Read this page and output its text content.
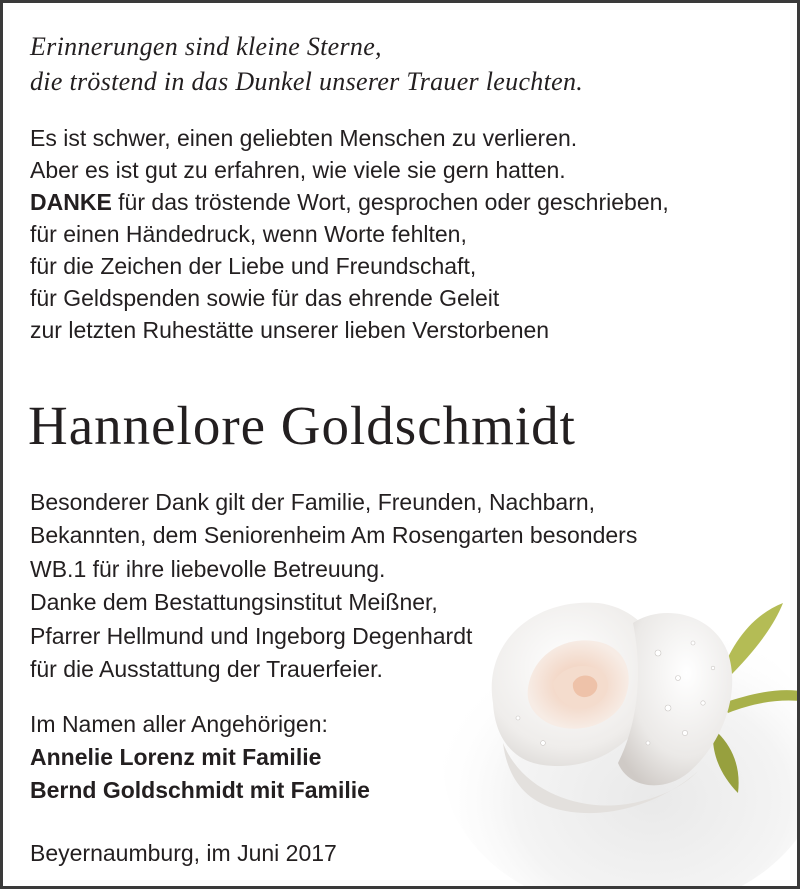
Erinnerungen sind kleine Sterne,
die tröstend in das Dunkel unserer Trauer leuchten.
Es ist schwer, einen geliebten Menschen zu verlieren.
Aber es ist gut zu erfahren, wie viele sie gern hatten.
DANKE für das tröstende Wort, gesprochen oder geschrieben,
für einen Händedruck, wenn Worte fehlten,
für die Zeichen der Liebe und Freundschaft,
für Geldspenden sowie für das ehrende Geleit
zur letzten Ruhestätte unserer lieben Verstorbenen
Hannelore Goldschmidt
Besonderer Dank gilt der Familie, Freunden, Nachbarn,
Bekannten, dem Seniorenheim Am Rosengarten besonders
WB.1 für ihre liebevolle Betreuung.
Danke dem Bestattungsinstitut Meißner,
Pfarrer Hellmund und Ingeborg Degenhardt
für die Ausstattung der Trauerfeier.
Im Namen aller Angehörigen:
Annelie Lorenz mit Familie
Bernd Goldschmidt mit Familie
Beyernaumburg, im Juni 2017
